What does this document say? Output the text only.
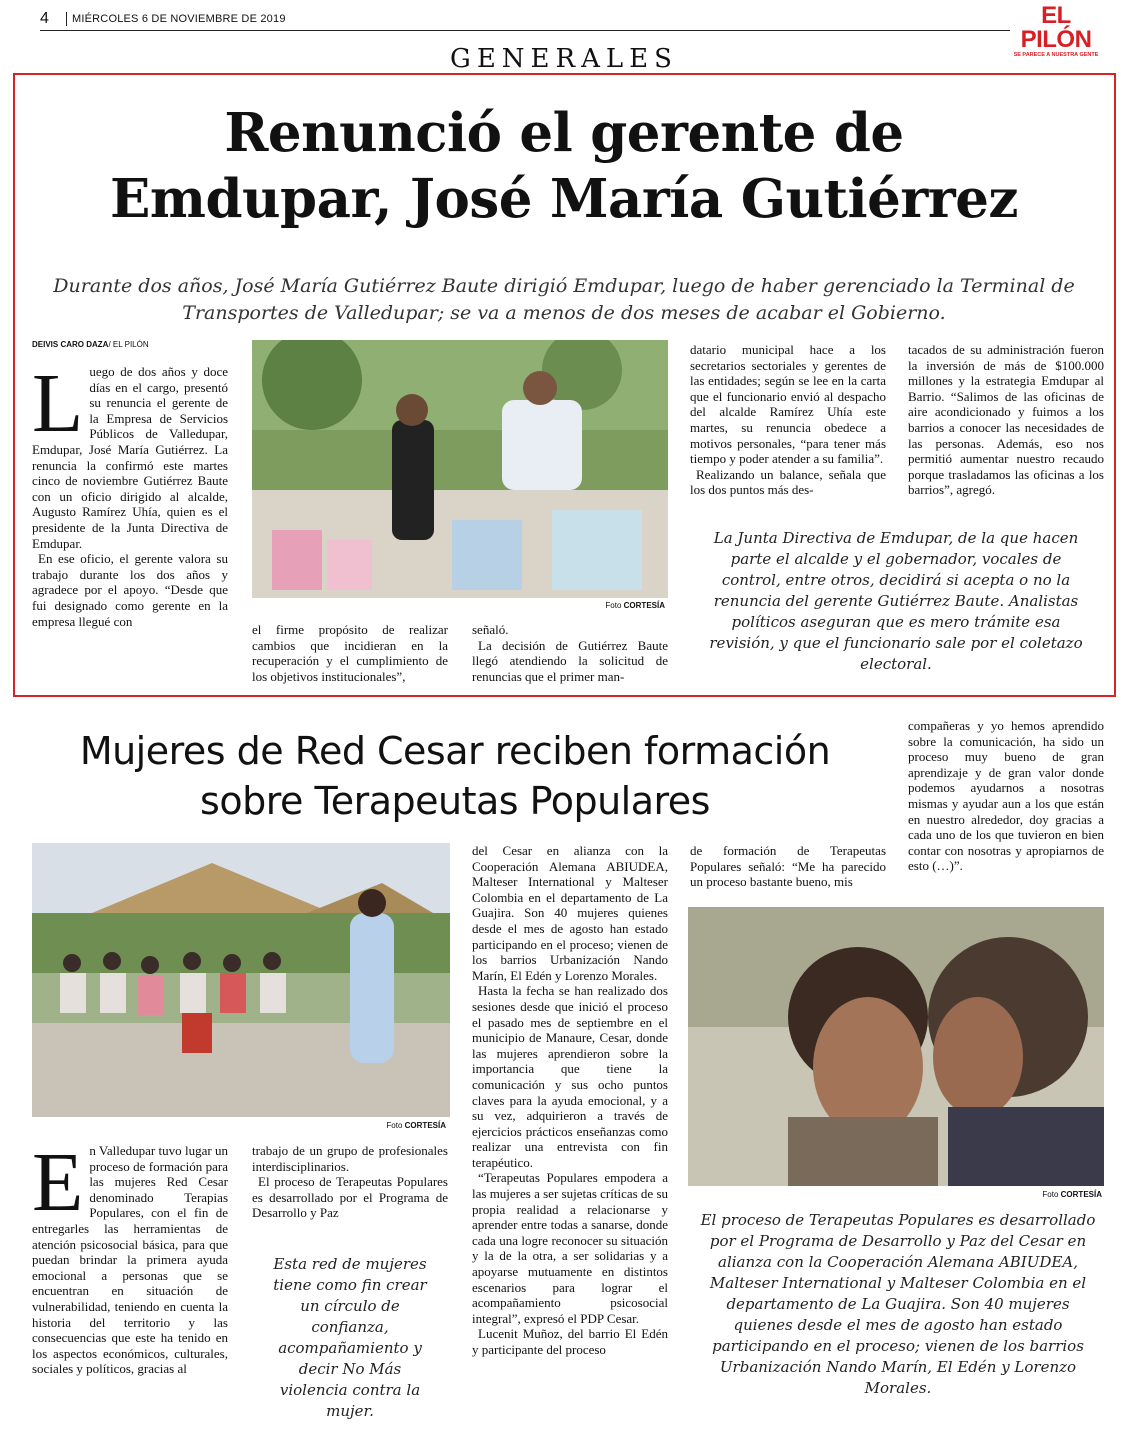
4 MIÉRCOLES 6 DE NOVIEMBRE DE 2019	EL PILÓN
SE PARECE A NUESTRA GENTE
GENERALES
Renunció el gerente de
Emdupar, José María Gutiérrez
Durante dos años, José María Gutiérrez Baute dirigió Emdupar, luego de haber gerenciado la Terminal de Transportes de Valledupar; se va a menos de dos meses de acabar el Gobierno.
DEIVIS CARO DAZA/ EL PILÓN
L uego de dos años y doce días en el cargo, presentó su renuncia el gerente de la Empresa de Servicios Públicos de Valledupar, Emdupar, José María Gutiérrez. La renuncia la confirmó este martes cinco de noviembre Gutiérrez Baute con un oficio dirigido al alcalde, Augusto Ramírez Uhía, quien es el presidente de la Junta Directiva de Emdupar.

En ese oficio, el gerente valora su trabajo durante los dos años y agradece por el apoyo. “Desde que fui designado como gerente en la empresa llegué con

Foto CORTESÍA

el firme propósito de realizar cambios que incidieran en la recuperación y el cumplimiento de los objetivos institucionales”,

señaló.

La decisión de Gutiérrez Baute llegó atendiendo la solicitud de renuncias que el primer man-

datario municipal hace a los secretarios sectoriales y gerentes de las entidades; según se lee en la carta que el funcionario envió al despacho del alcalde Ramírez Uhía este martes, su renuncia obedece a motivos personales, “para tener más tiempo y poder atender a su familia”.

Realizando un balance, señala que los dos puntos más des-

tacados de su administración fueron la inversión de más de $100.000 millones y la estrategia Emdupar al Barrio. “Salimos de las oficinas de aire acondicionado y fuimos a los barrios a conocer las necesidades de las personas. Además, eso nos permitió aumentar nuestro recaudo porque trasladamos las oficinas a los barrios”, agregó.

La Junta Directiva de Emdupar, de la que hacen parte el alcalde y el gobernador, vocales de control, entre otros, decidirá si acepta o no la renuncia del gerente Gutiérrez Baute. Analistas políticos aseguran que es mero trámite esa revisión, y que el funcionario sale por el coletazo electoral.
Mujeres de Red Cesar reciben formación
sobre Terapeutas Populares
Foto CORTESÍA
E n Valledupar tuvo lugar un proceso de formación para las mujeres Red Cesar denominado Terapias Populares, con el fin de entregarles las herramientas de atención psicosocial básica, para que puedan brindar la primera ayuda emocional a personas que se encuentran en situación de vulnerabilidad, teniendo en cuenta la historia del territorio y las consecuencias que este ha tenido en los aspectos económicos, culturales, sociales y políticos, gracias al

trabajo de un grupo de profesionales interdisciplinarios.

El proceso de Terapeutas Populares es desarrollado por el Programa de Desarrollo y Paz

Esta red de mujeres tiene como fin crear un círculo de confianza, acompañamiento y decir No Más violencia contra la mujer.

del Cesar en alianza con la Cooperación Alemana ABIUDEA, Malteser International y Malteser Colombia en el departamento de La Guajira. Son 40 mujeres quienes desde el mes de agosto han estado participando en el proceso; vienen de los barrios Urbanización Nando Marín, El Edén y Lorenzo Morales.

Hasta la fecha se han realizado dos sesiones desde que inició el proceso el pasado mes de septiembre en el municipio de Manaure, Cesar, donde las mujeres aprendieron sobre la importancia que tiene la comunicación y sus ocho puntos claves para la ayuda emocional, y a su vez, adquirieron a través de ejercicios prácticos enseñanzas como realizar una entrevista con fin terapéutico.

“Terapeutas Populares empodera a las mujeres a ser sujetas críticas de su propia realidad a relacionarse y aprender entre todas a sanarse, donde cada una logre reconocer su situación y la de la otra, a ser solidarias y a apoyarse mutuamente en distintos escenarios para lograr el acompañamiento psicosocial integral”, expresó el PDP Cesar.

Lucenit Muñoz, del barrio El Edén y participante del proceso

de formación de Terapeutas Populares señaló: “Me ha parecido un proceso bastante bueno, mis

compañeras y yo hemos aprendido sobre la comunicación, ha sido un proceso muy bueno de gran aprendizaje y de gran valor donde podemos ayudarnos a nosotras mismas y ayudar aun a los que están en nuestro alrededor, doy gracias a cada uno de los que tuvieron en bien contar con nosotras y apropiarnos de esto (…)”.

Foto CORTESÍA
El proceso de Terapeutas Populares es desarrollado por el Programa de Desarrollo y Paz del Cesar en alianza con la Cooperación Alemana ABIUDEA, Malteser International y Malteser Colombia en el departamento de La Guajira. Son 40 mujeres quienes desde el mes de agosto han estado participando en el proceso; vienen de los barrios Urbanización Nando Marín, El Edén y Lorenzo Morales.
